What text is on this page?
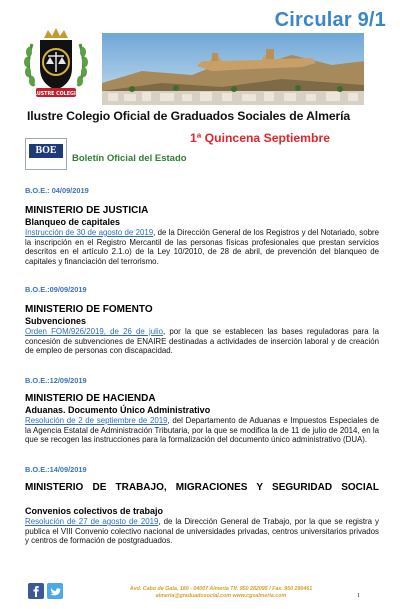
Circular 9/1
ILUSTRE COLEGIO
Ilustre Colegio Oficial de Graduados Sociales de Almería
1ª Quincena Septiembre
BOE
Boletín Oficial del Estado
B.O.E.: 04/09/2019
MINISTERIO DE JUSTICIA
Blanqueo de capitales
Instrucción de 30 de agosto de 2019, de la Dirección General de los Registros y del Notariado, sobre la inscripción en el Registro Mercantil de las personas físicas profesionales que prestan servicios descritos en el artículo 2.1.o) de la Ley 10/2010, de 28 de abril, de prevención del blanqueo de capitales y financiación del terrorismo.
B.O.E.:09/09/2019
MINISTERIO DE FOMENTO
Subvenciones
Orden FOM/926/2019, de 26 de julio, por la que se establecen las bases reguladoras para la concesión de subvenciones de ENAIRE destinadas a actividades de inserción laboral y de creación de empleo de personas con discapacidad.
B.O.E.:12/09/2019
MINISTERIO DE HACIENDA
Aduanas. Documento Único Administrativo
Resolución de 2 de septiembre de 2019, del Departamento de Aduanas e Impuestos Especiales de la Agencia Estatal de Administración Tributaria, por la que se modifica la de 11 de julio de 2014, en la que se recogen las instrucciones para la formalización del documento único administrativo (DUA).
B.O.E.:14/09/2019
MINISTERIO DE TRABAJO, MIGRACIONES Y SEGURIDAD SOCIAL
Convenios colectivos de trabajo
Resolución de 27 de agosto de 2019, de la Dirección General de Trabajo, por la que se registra y publica el VIII Convenio colectivo nacional de universidades privadas, centros universitarios privados y centros de formación de postgraduados.
Avd. Cabo de Gata, 180 - 04007 Almería Tlf. 950 282095 / Fax. 950 280461
almeria@graduadosocial.com www.cgsalmeria.com	1
